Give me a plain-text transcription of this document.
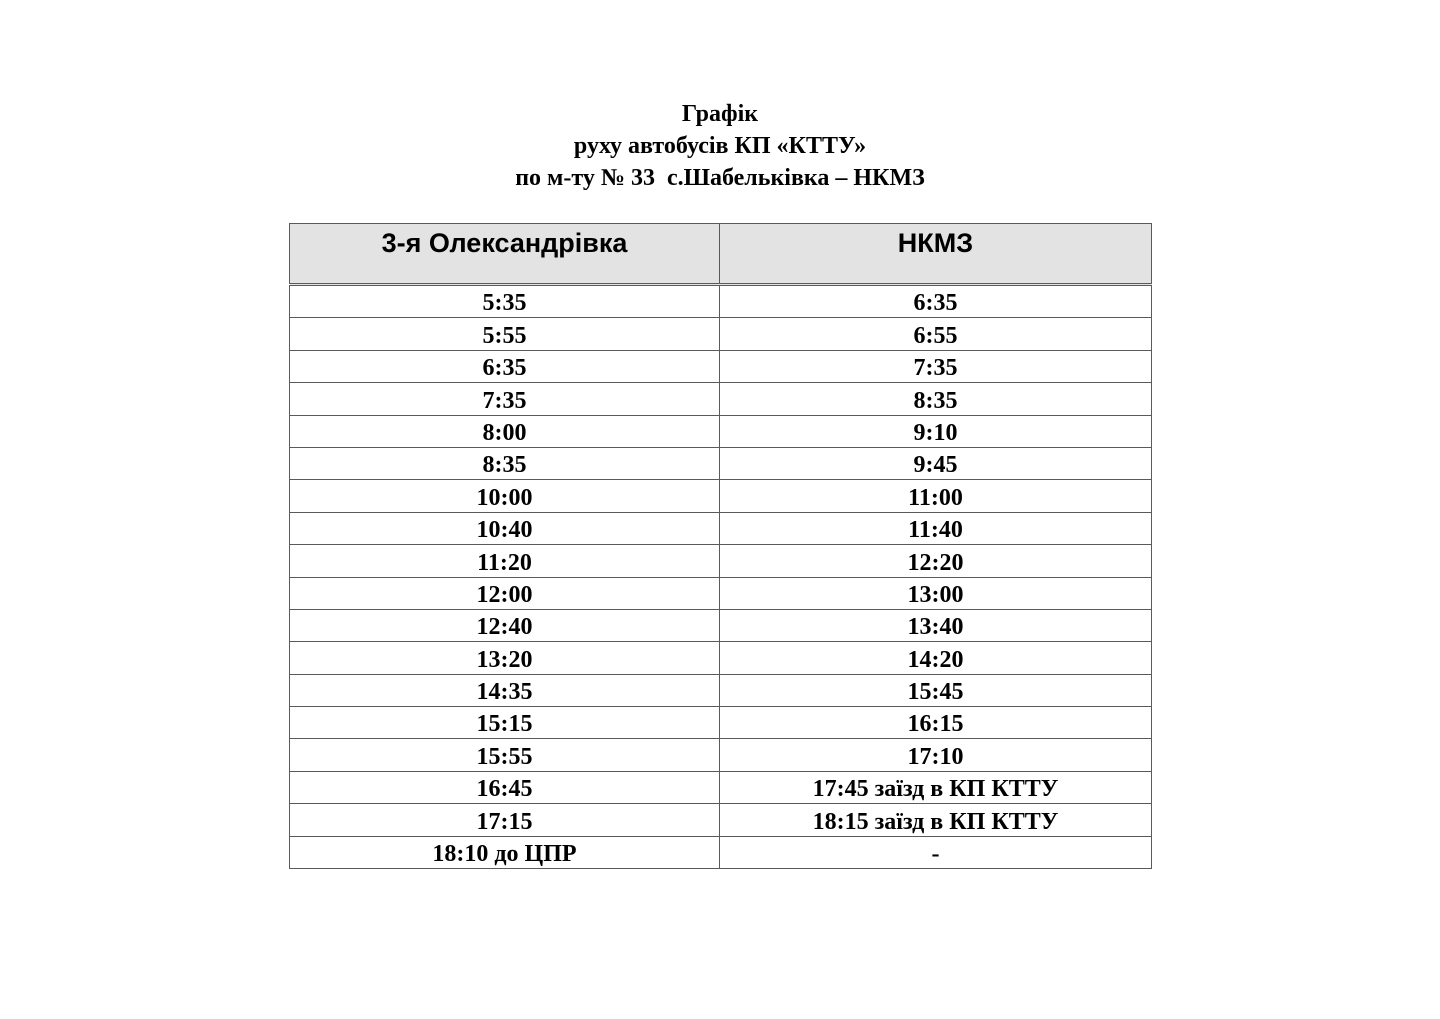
Графік
руху автобусів КП «КТТУ»
по м-ту № 33  с.Шабельківка – НКМЗ
3-я Олександрівка	НКМЗ
5:35	6:35
5:55	6:55
6:35	7:35
7:35	8:35
8:00	9:10
8:35	9:45
10:00	11:00
10:40	11:40
11:20	12:20
12:00	13:00
12:40	13:40
13:20	14:20
14:35	15:45
15:15	16:15
15:55	17:10
16:45	17:45 заїзд в КП КТТУ
17:15	18:15 заїзд в КП КТТУ
18:10 до ЦПР	-
